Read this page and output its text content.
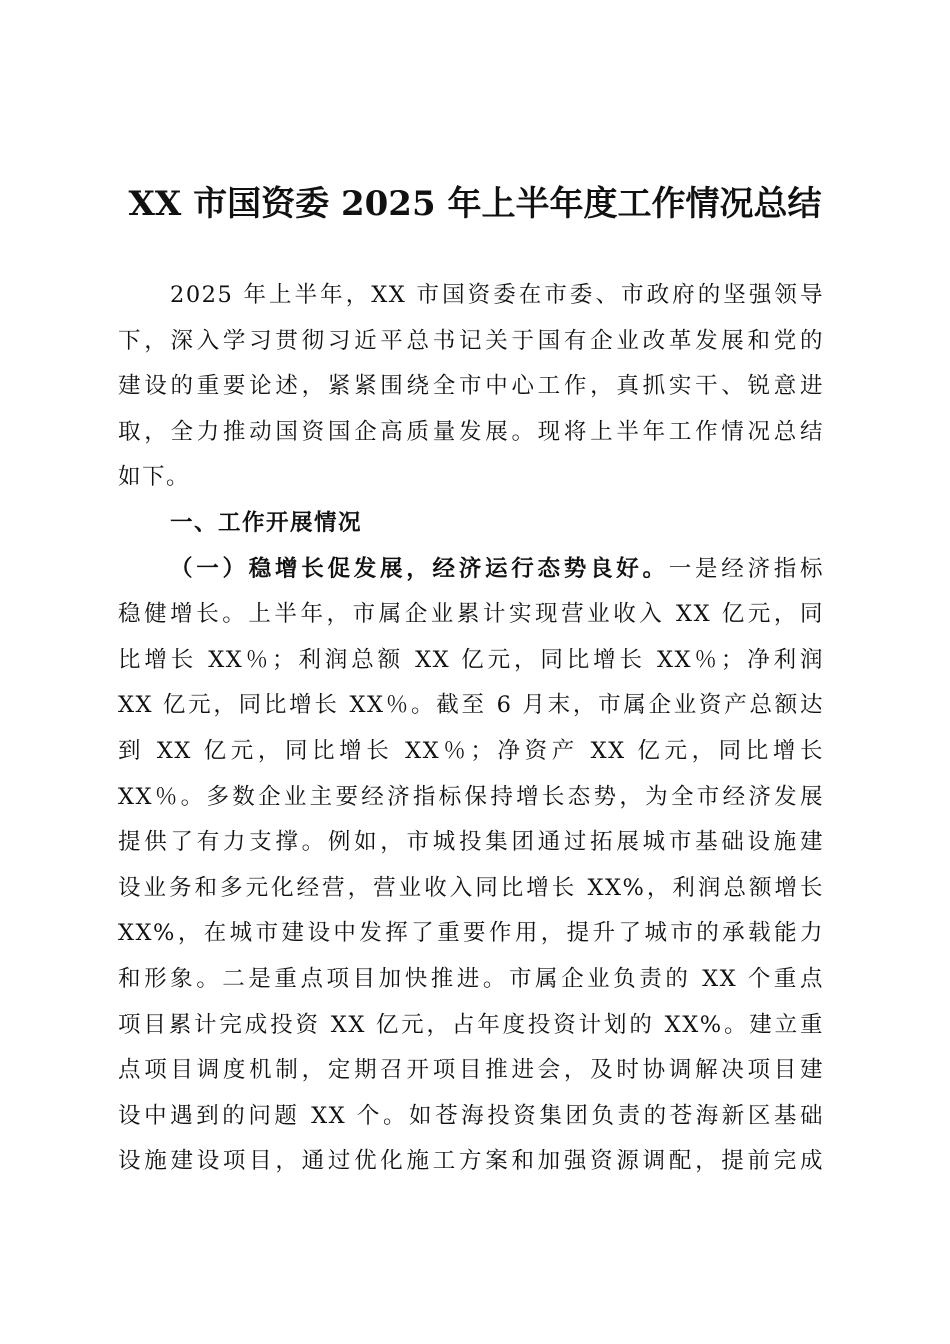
XX 市国资委 2025 年上半年度工作情况总结
2025 年上半年，XX 市国资委在市委、市政府的坚强领导
下，深入学习贯彻习近平总书记关于国有企业改革发展和党的
建设的重要论述，紧紧围绕全市中心工作，真抓实干、锐意进
取，全力推动国资国企高质量发展。现将上半年工作情况总结
如下。
一、工作开展情况
（一）稳增长促发展，经济运行态势良好。一是经济指标
稳健增长。上半年，市属企业累计实现营业收入 XX 亿元，同
比增长 XX％；利润总额 XX 亿元，同比增长 XX％；净利润
XX 亿元，同比增长 XX％。截至 6 月末，市属企业资产总额达
到 XX 亿元，同比增长 XX％；净资产 XX 亿元，同比增长
XX％。多数企业主要经济指标保持增长态势，为全市经济发展
提供了有力支撑。例如，市城投集团通过拓展城市基础设施建
设业务和多元化经营，营业收入同比增长 XX%，利润总额增长
XX%，在城市建设中发挥了重要作用，提升了城市的承载能力
和形象。二是重点项目加快推进。市属企业负责的 XX 个重点
项目累计完成投资 XX 亿元，占年度投资计划的 XX%。建立重
点项目调度机制，定期召开项目推进会，及时协调解决项目建
设中遇到的问题 XX 个。如苍海投资集团负责的苍海新区基础
设施建设项目，通过优化施工方案和加强资源调配，提前完成
